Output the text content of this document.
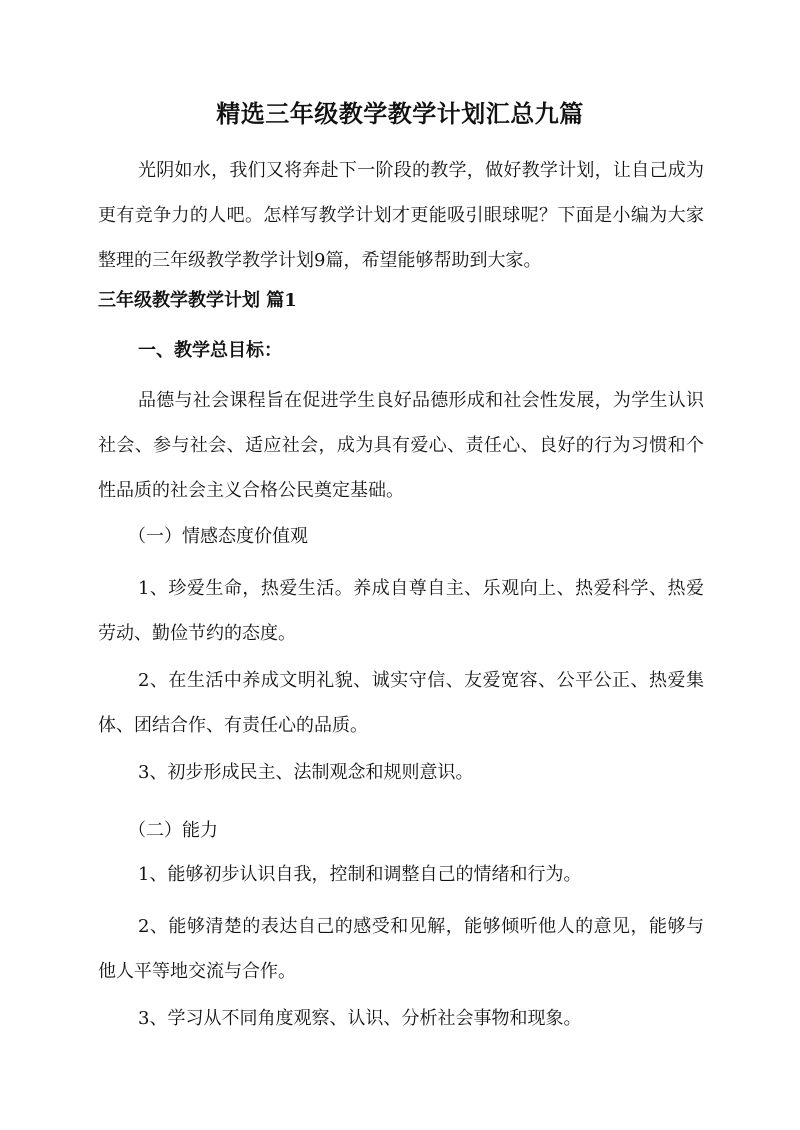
精选三年级教学教学计划汇总九篇

光阴如水，我们又将奔赴下一阶段的教学，做好教学计划，让自己成为更有竞争力的人吧。怎样写教学计划才更能吸引眼球呢？下面是小编为大家整理的三年级教学教学计划9篇，希望能够帮助到大家。

三年级教学教学计划 篇1

一、教学总目标：

品德与社会课程旨在促进学生良好品德形成和社会性发展，为学生认识社会、参与社会、适应社会，成为具有爱心、责任心、良好的行为习惯和个性品质的社会主义合格公民奠定基础。

（一）情感态度价值观

1、珍爱生命，热爱生活。养成自尊自主、乐观向上、热爱科学、热爱劳动、勤俭节约的态度。

2、在生活中养成文明礼貌、诚实守信、友爱宽容、公平公正、热爱集体、团结合作、有责任心的品质。

3、初步形成民主、法制观念和规则意识。

（二）能力

1、能够初步认识自我，控制和调整自己的情绪和行为。

2、能够清楚的表达自己的感受和见解，能够倾听他人的意见，能够与他人平等地交流与合作。

3、学习从不同角度观察、认识、分析社会事物和现象。
